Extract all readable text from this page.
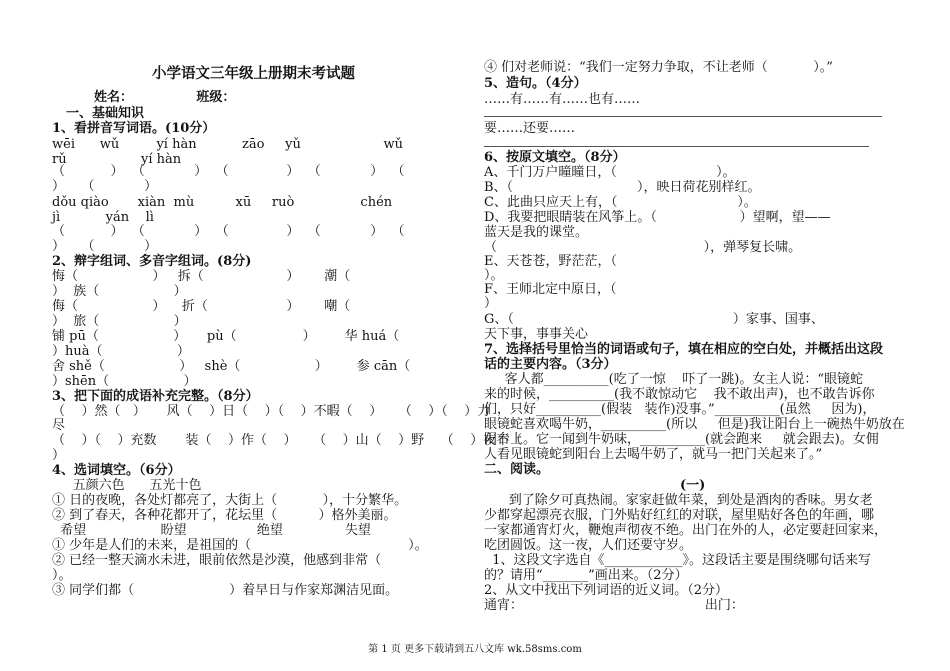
小学语文三年级上册期末考试题
姓名：              班级：
一、基础知识
1、看拼音写词语。(10分）
wēi      wǔ         yí hàn           zāo     yǔ                    wǔ
rǔ                  yí hàn
（           ）  （            ）  （              ）  （            ）  （
）    （            ）
dǒu qiào       xiàn  mù          xū     ruò                chén
jì           yán    lì
（           ）  （            ）  （              ）  （            ）  （
）    （            ）
2、辩字组词、多音字组词。(8分)
悔（                  ）   拆（                    ）      潮（
）  族（                  ）
侮（                  ）    折（                   ）      嘲（
）  旅（                  ）
铺 pū（                  ）     pù（                ）       华 huá（
）huà（                  ）
舍 shě（                  ）   shè（                  ）       参 cān（
）shēn（                  ）
3、把下面的成语补充完整。（8分）
（    ）然（   ）     风（    ）日（    ）（    ）不暇（    ）    （    ）（    ）力
尽
（    ）（    ）充数       装（    ）作（    ）    （    ）山（    ）野    （    ）夜不（
）
4、选词填空。（6分）
五颜六色      五光十色
① 日的夜晚，各处灯都亮了，大街上（           ），十分繁华。
② 到了春天，各种花都开了，花坛里（          ）格外美丽。
希望                  盼望                 绝望               失望
① 少年是人们的未来，是祖国的（                                      ）。
② 已经一整天滴水未进，眼前依然是沙漠，他感到非常（
）。
③ 同学们都（                       ）着早日与作家郑渊洁见面。
④ 们对老师说：“我们一定努力争取，不让老师（           ）。”
5、造句。（4分）
……有……有……也有……
要……还要……
6、按原文填空。（8分）
A、千门万户曈曈日，（                        ）。
B、（                              ），映日荷花别样红。
C、此曲只应天上有，（                             ）。
D、我要把眼睛装在风筝上。（                    ）望啊，望——
蓝天是我的课堂。
（                                                  ），弹琴复长啸。
E、天苍苍，野茫茫，（
）。
F、王师北定中原日，（
）
G、（                                                     ）家事、国事、
天下事，事事关心
7、选择括号里恰当的词语或句子，填在相应的空白处，并概括出这段
话的主要内容。（3分）
客人都__________(吃了一惊    吓了一跳)。女主人说：“眼镜蛇
来的时候，__________(我不敢惊动它    我不敢出声)，也不敢告诉你
们，只好__________(假装   装作)没事。”__________(虽然     因为)，
眼镜蛇喜欢喝牛奶，__________(所以     但是)我让阳台上一碗热牛奶放在
阳台上。它一闻到牛奶味，__________(就会跑来     就会跟去)。女佣
人看见眼镜蛇到阳台上去喝牛奶了，就马一把门关起来了。”
二、阅读。
(一)
到了除夕可真热闹。家家赶做年菜，到处是酒肉的香味。男女老
少都穿起漂亮衣服，门外贴好红红的对联，屋里贴好各色的年画，哪
一家都通宵灯火，鞭炮声彻夜不绝。出门在外的人，必定要赶回家来，
吃团圆饭。这一夜，人们还要守岁。
1、这段文字选自《____________》。这段话主要是围绕哪句话来写
的？请用“_______”画出来。（2分）
2、从文中找出下列词语的近义词。（2分）
通宵：                                            出门：
第 1 页 更多下载请到五八文库 wk.58sms.com
